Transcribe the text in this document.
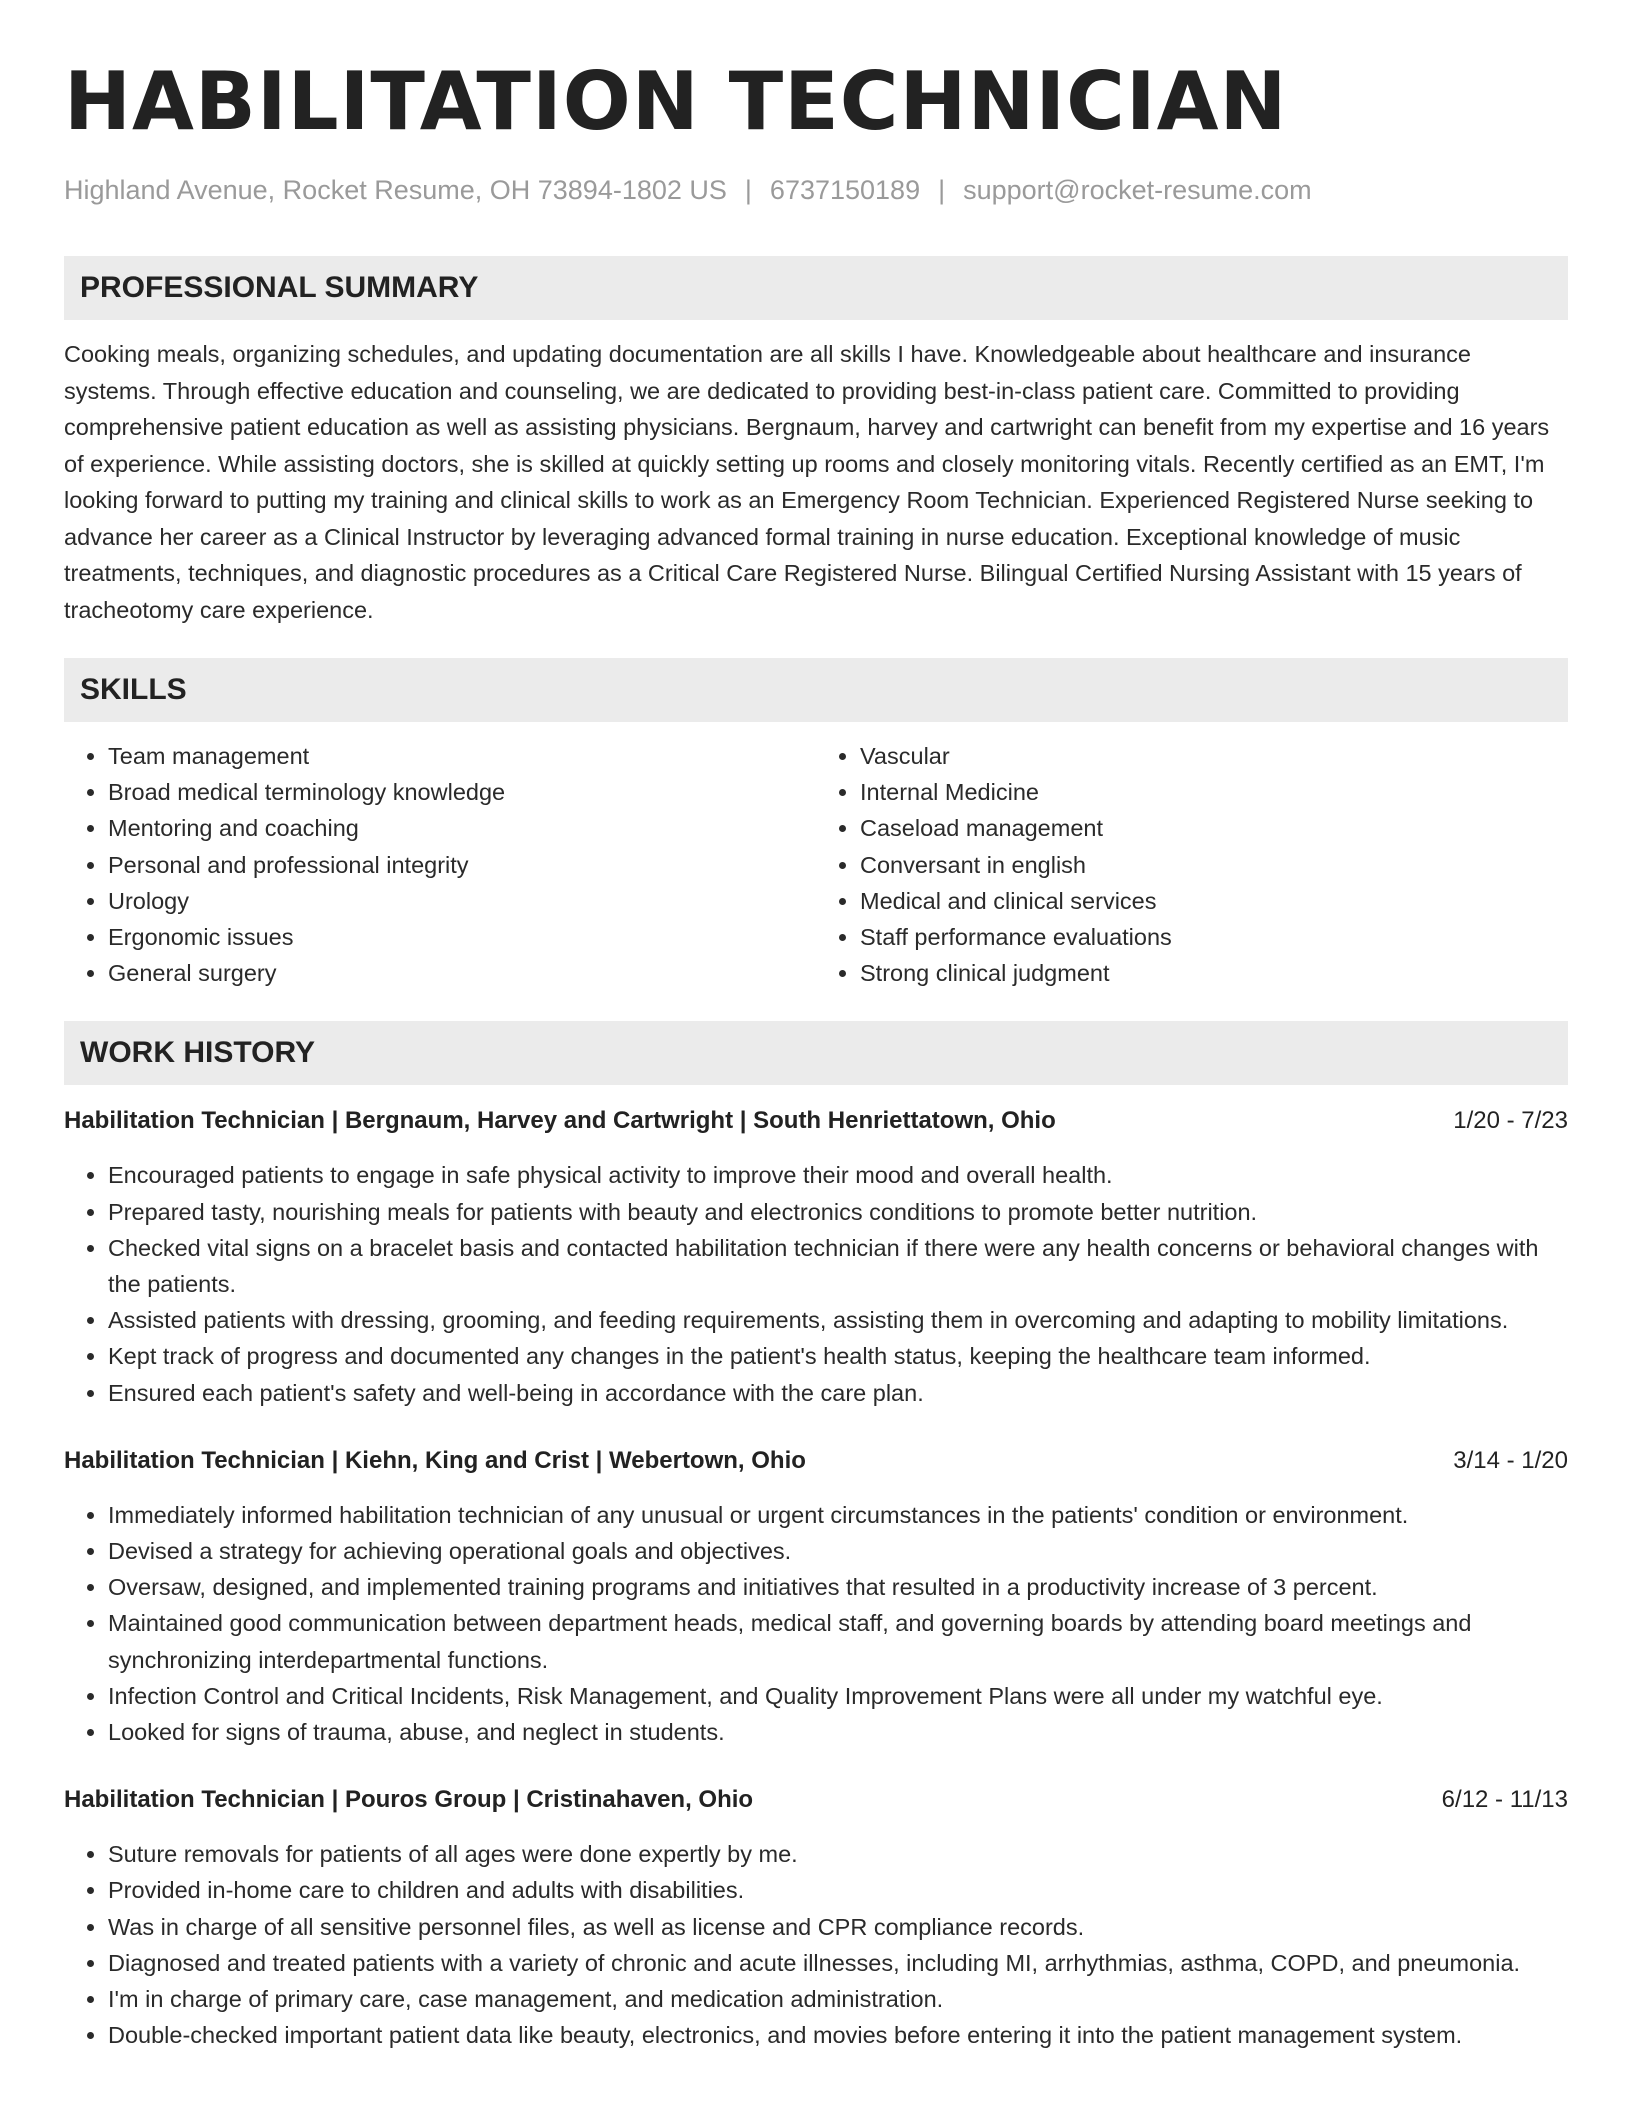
HABILITATION TECHNICIAN
Highland Avenue, Rocket Resume, OH 73894-1802 US | 6737150189 | support@rocket-resume.com
PROFESSIONAL SUMMARY
Cooking meals, organizing schedules, and updating documentation are all skills I have. Knowledgeable about healthcare and insurance systems. Through effective education and counseling, we are dedicated to providing best-in-class patient care. Committed to providing comprehensive patient education as well as assisting physicians. Bergnaum, harvey and cartwright can benefit from my expertise and 16 years of experience. While assisting doctors, she is skilled at quickly setting up rooms and closely monitoring vitals. Recently certified as an EMT, I'm looking forward to putting my training and clinical skills to work as an Emergency Room Technician. Experienced Registered Nurse seeking to advance her career as a Clinical Instructor by leveraging advanced formal training in nurse education. Exceptional knowledge of music treatments, techniques, and diagnostic procedures as a Critical Care Registered Nurse. Bilingual Certified Nursing Assistant with 15 years of tracheotomy care experience.
SKILLS
• Team management
• Broad medical terminology knowledge
• Mentoring and coaching
• Personal and professional integrity
• Urology
• Ergonomic issues
• General surgery
• Vascular
• Internal Medicine
• Caseload management
• Conversant in english
• Medical and clinical services
• Staff performance evaluations
• Strong clinical judgment
WORK HISTORY
Habilitation Technician | Bergnaum, Harvey and Cartwright | South Henriettatown, Ohio	1/20 - 7/23
• Encouraged patients to engage in safe physical activity to improve their mood and overall health.
• Prepared tasty, nourishing meals for patients with beauty and electronics conditions to promote better nutrition.
• Checked vital signs on a bracelet basis and contacted habilitation technician if there were any health concerns or behavioral changes with the patients.
• Assisted patients with dressing, grooming, and feeding requirements, assisting them in overcoming and adapting to mobility limitations.
• Kept track of progress and documented any changes in the patient's health status, keeping the healthcare team informed.
• Ensured each patient's safety and well-being in accordance with the care plan.
Habilitation Technician | Kiehn, King and Crist | Webertown, Ohio	3/14 - 1/20
• Immediately informed habilitation technician of any unusual or urgent circumstances in the patients' condition or environment.
• Devised a strategy for achieving operational goals and objectives.
• Oversaw, designed, and implemented training programs and initiatives that resulted in a productivity increase of 3 percent.
• Maintained good communication between department heads, medical staff, and governing boards by attending board meetings and synchronizing interdepartmental functions.
• Infection Control and Critical Incidents, Risk Management, and Quality Improvement Plans were all under my watchful eye.
• Looked for signs of trauma, abuse, and neglect in students.
Habilitation Technician | Pouros Group | Cristinahaven, Ohio	6/12 - 11/13
• Suture removals for patients of all ages were done expertly by me.
• Provided in-home care to children and adults with disabilities.
• Was in charge of all sensitive personnel files, as well as license and CPR compliance records.
• Diagnosed and treated patients with a variety of chronic and acute illnesses, including MI, arrhythmias, asthma, COPD, and pneumonia.
• I'm in charge of primary care, case management, and medication administration.
• Double-checked important patient data like beauty, electronics, and movies before entering it into the patient management system.
